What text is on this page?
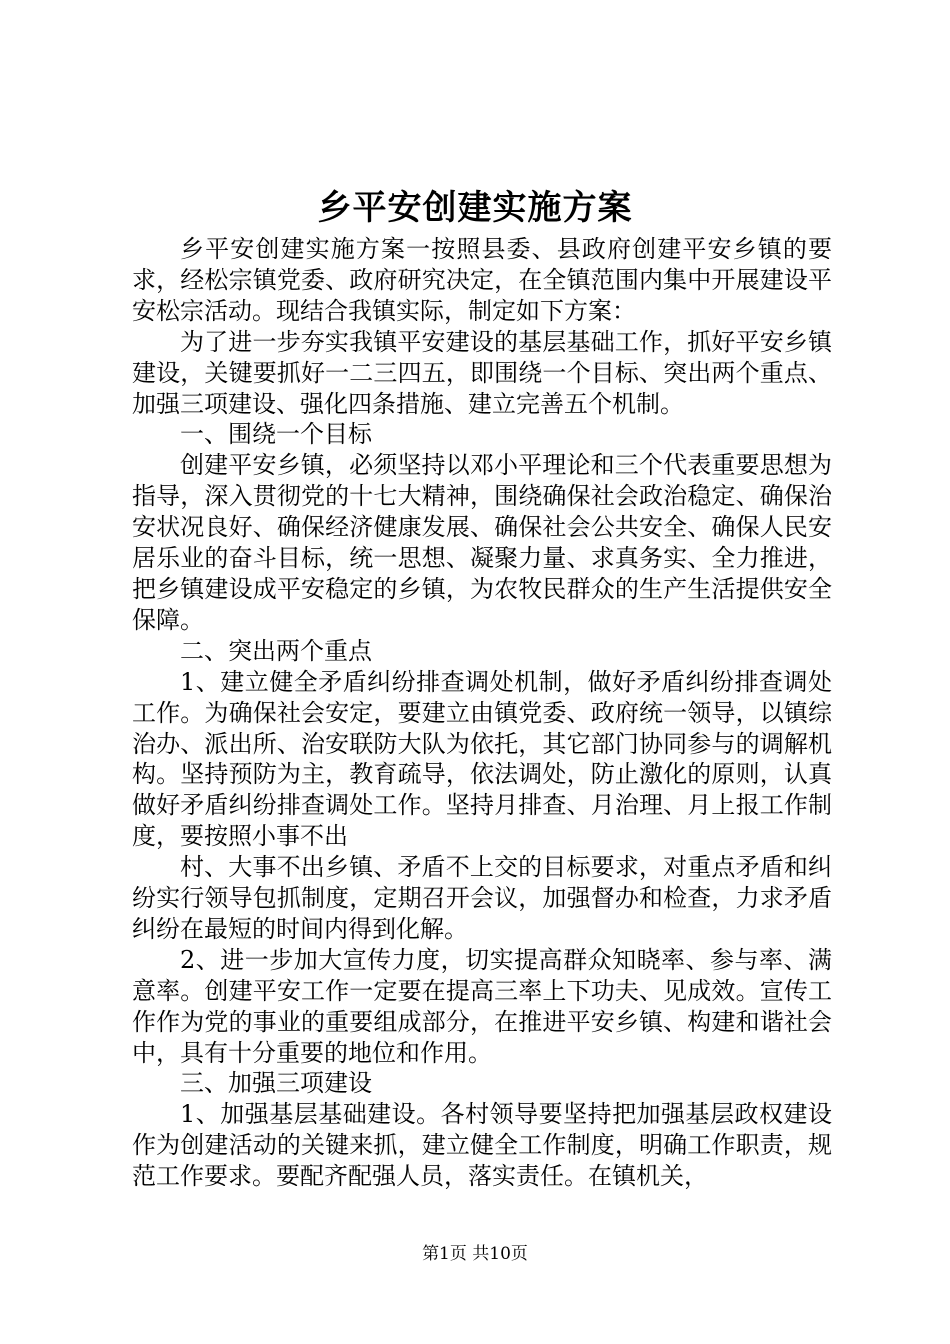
乡平安创建实施方案

乡平安创建实施方案一按照县委、县政府创建平安乡镇的要求，经松宗镇党委、政府研究决定，在全镇范围内集中开展建设平安松宗活动。现结合我镇实际，制定如下方案：

为了进一步夯实我镇平安建设的基层基础工作，抓好平安乡镇建设，关键要抓好一二三四五，即围绕一个目标、突出两个重点、加强三项建设、强化四条措施、建立完善五个机制。

一、围绕一个目标

创建平安乡镇，必须坚持以邓小平理论和三个代表重要思想为指导，深入贯彻党的十七大精神，围绕确保社会政治稳定、确保治安状况良好、确保经济健康发展、确保社会公共安全、确保人民安居乐业的奋斗目标，统一思想、凝聚力量、求真务实、全力推进，把乡镇建设成平安稳定的乡镇，为农牧民群众的生产生活提供安全保障。

二、突出两个重点

1、建立健全矛盾纠纷排查调处机制，做好矛盾纠纷排查调处工作。为确保社会安定，要建立由镇党委、政府统一领导，以镇综治办、派出所、治安联防大队为依托，其它部门协同参与的调解机构。坚持预防为主，教育疏导，依法调处，防止激化的原则，认真做好矛盾纠纷排查调处工作。坚持月排查、月治理、月上报工作制度，要按照小事不出

村、大事不出乡镇、矛盾不上交的目标要求，对重点矛盾和纠纷实行领导包抓制度，定期召开会议，加强督办和检查，力求矛盾纠纷在最短的时间内得到化解。

2、进一步加大宣传力度，切实提高群众知晓率、参与率、满意率。创建平安工作一定要在提高三率上下功夫、见成效。宣传工作作为党的事业的重要组成部分，在推进平安乡镇、构建和谐社会中，具有十分重要的地位和作用。

三、加强三项建设

1、加强基层基础建设。各村领导要坚持把加强基层政权建设作为创建活动的关键来抓，建立健全工作制度，明确工作职责，规范工作要求。要配齐配强人员，落实责任。在镇机关，

第1页 共10页
